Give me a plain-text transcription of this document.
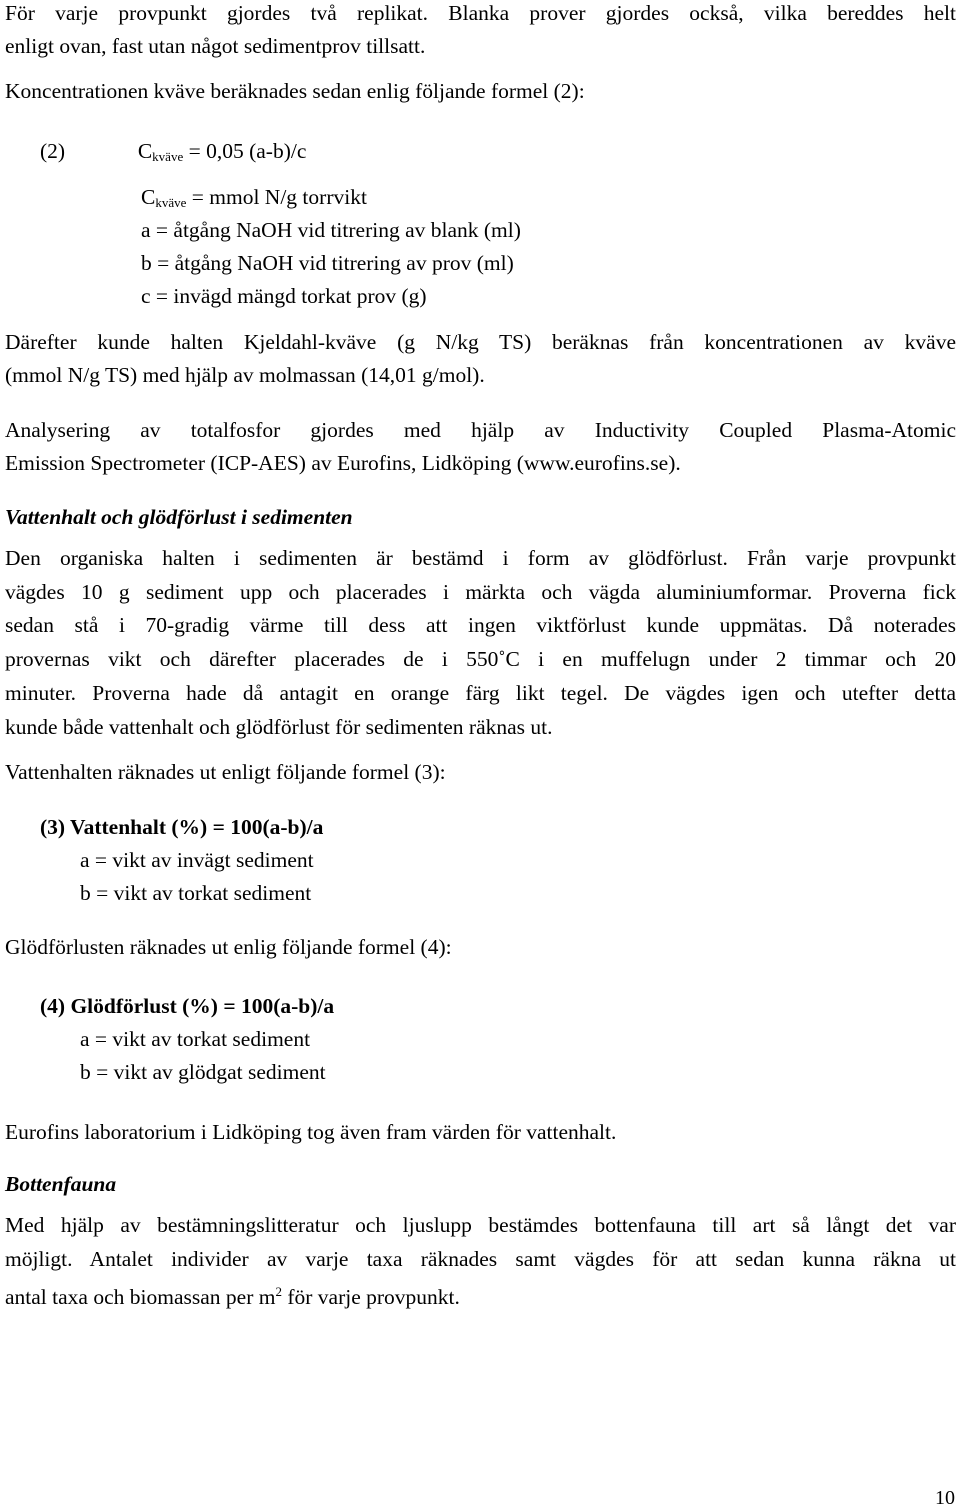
För varje provpunkt gjordes två replikat. Blanka prover gjordes också, vilka bereddes helt
enligt ovan, fast utan något sedimentprov tillsatt.
Koncentrationen kväve beräknades sedan enlig följande formel (2):
(2)	$C_{kväve} = 0,05$ (a-b)/c
$C_{kväve}$ = mmol N/g torrvikt
a = åtgång NaOH vid titrering av blank (ml)
b = åtgång NaOH vid titrering av prov (ml)
c = invägd mängd torkat prov (g)
Därefter kunde halten Kjeldahl-kväve (g N/kg TS) beräknas från koncentrationen av kväve
(mmol N/g TS) med hjälp av molmassan (14,01 g/mol).
Analysering av totalfosfor gjordes med hjälp av Inductivity Coupled Plasma-Atomic
Emission Spectrometer (ICP-AES) av Eurofins, Lidköping (www.eurofins.se).
Vattenhalt och glödförlust i sedimenten
Den organiska halten i sedimenten är bestämd i form av glödförlust. Från varje provpunkt
vägdes 10 g sediment upp och placerades i märkta och vägda aluminiumformar. Proverna fick
sedan stå i 70-gradig värme till dess att ingen viktförlust kunde uppmätas. Då noterades
provernas vikt och därefter placerades de i 550˚C i en muffelugn under 2 timmar och 20
minuter. Proverna hade då antagit en orange färg likt tegel. De vägdes igen och utefter detta
kunde både vattenhalt och glödförlust för sedimenten räknas ut.
Vattenhalten räknades ut enligt följande formel (3):
(3) Vattenhalt (%) = 100(a-b)/a
a = vikt av invägt sediment
b = vikt av torkat sediment
Glödförlusten räknades ut enlig följande formel (4):
(4) Glödförlust (%) = 100(a-b)/a
a = vikt av torkat sediment
b = vikt av glödgat sediment
Eurofins laboratorium i Lidköping tog även fram värden för vattenhalt.
Bottenfauna
Med hjälp av bestämningslitteratur och ljuslupp bestämdes bottenfauna till art så långt det var
möjligt. Antalet individer av varje taxa räknades samt vägdes för att sedan kunna räkna ut
antal taxa och biomassan per $m^2$ för varje provpunkt.
10
